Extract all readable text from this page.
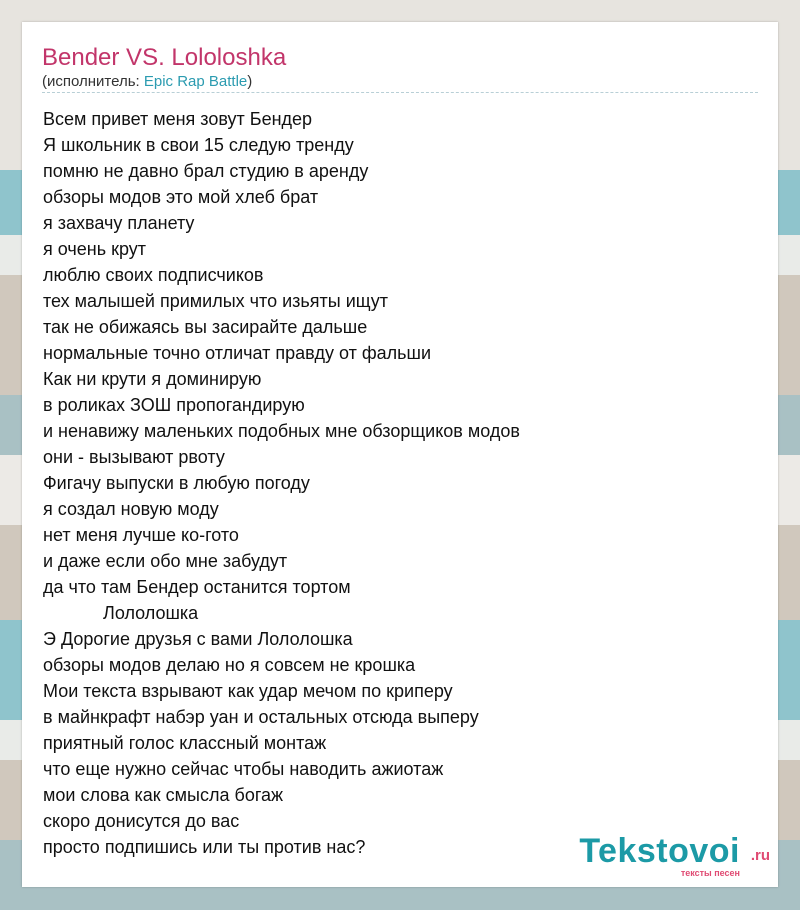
Bender VS. Lololoshka
(исполнитель: Epic Rap Battle)
Всем привет меня зовут Бендер
Я школьник в свои 15 следую тренду
помню не давно брал студию в аренду
обзоры модов это мой хлеб брат
я захвачу планету
я очень крут
люблю своих подписчиков
тех малышей примилых что изьяты ищут
так не обижаясь вы засирайте дальше
нормальные точно отличат правду от фальши
Как ни крути я доминирую
в роликах ЗОШ пропогандирую
и ненавижу маленьких подобных мне обзорщиков модов
они - вызывают рвоту
Фигачу выпуски в любую погоду
я создал новую моду
нет меня лучше ко-гото
и даже если обо мне забудут
да что там Бендер останится тортом
Лололошка
Э Дорогие друзья с вами Лололошка
обзоры модов делаю но я совсем не крошка
Мои текста взрывают как удар мечом по криперу
в майнкрафт набэр уан и остальных отсюда выперу
приятный голос классный монтаж
что еще нужно сейчас чтобы наводить ажиотаж
мои слова как смысла богаж
скоро донисутся до вас
просто подпишись или ты против нас?	Tekstovoi .ru
тексты песен
